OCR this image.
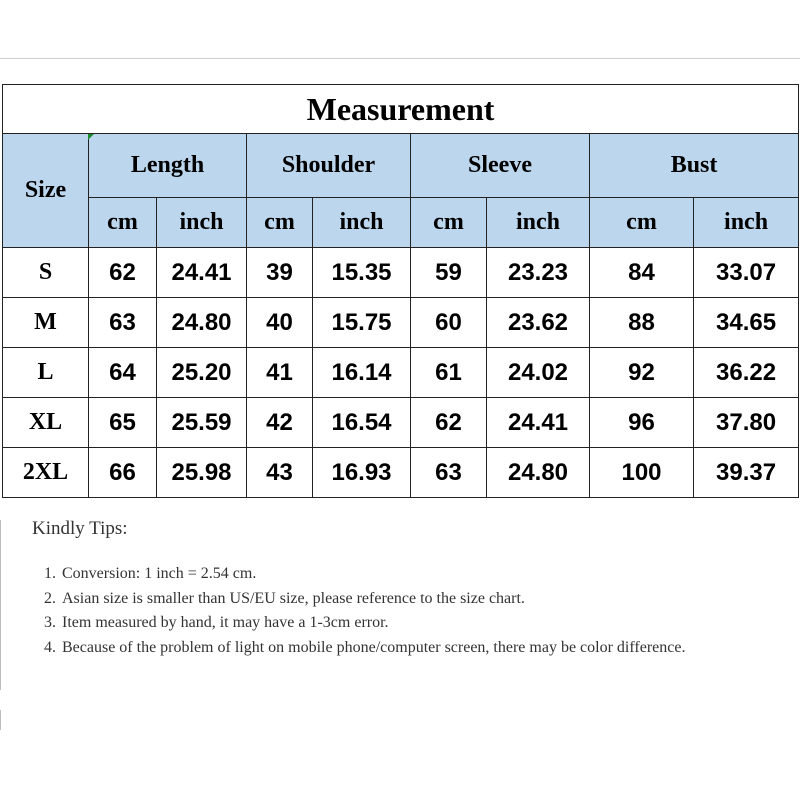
Measurement								
Size	Length		Shoulder		Sleeve		Bust	
	cm	inch	cm	inch	cm	inch	cm	inch
S	62	24.41	39	15.35	59	23.23	84	33.07
M	63	24.80	40	15.75	60	23.62	88	34.65
L	64	25.20	41	16.14	61	24.02	92	36.22
XL	65	25.59	42	16.54	62	24.41	96	37.80
2XL	66	25.98	43	16.93	63	24.80	100	39.37
Kindly Tips:
1. Conversion: 1 inch = 2.54 cm.
2. Asian size is smaller than US/EU size, please reference to the size chart.
3. Item measured by hand, it may have a 1-3cm error.
4. Because of the problem of light on mobile phone/computer screen, there may be color difference.
